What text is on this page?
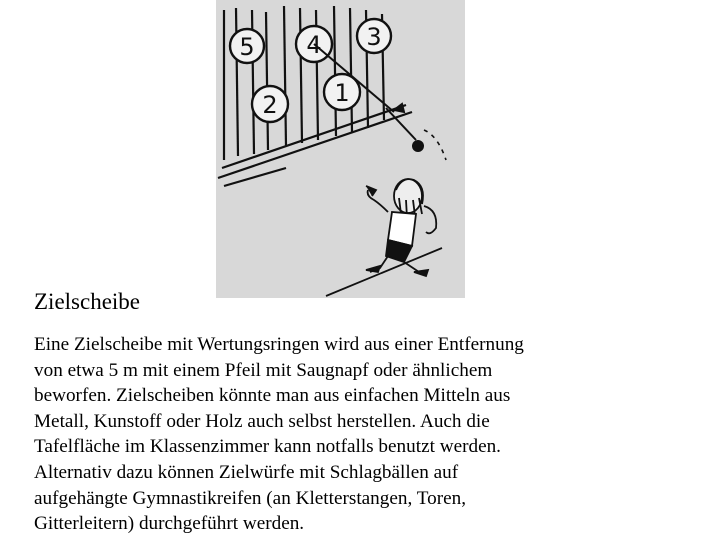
5 4 3
2 1
Zielscheibe

Eine Zielscheibe mit Wertungsringen wird aus einer Entfernung
von etwa 5 m mit einem Pfeil mit Saugnapf oder ähnlichem
beworfen. Zielscheiben könnte man aus einfachen Mitteln aus
Metall, Kunstoff oder Holz auch selbst herstellen. Auch die
Tafelfläche im Klassenzimmer kann notfalls benutzt werden.
Alternativ dazu können Zielwürfe mit Schlagbällen auf
aufgehängte Gymnastikreifen (an Kletterstangen, Toren,
Gitterleitern) durchgeführt werden.
